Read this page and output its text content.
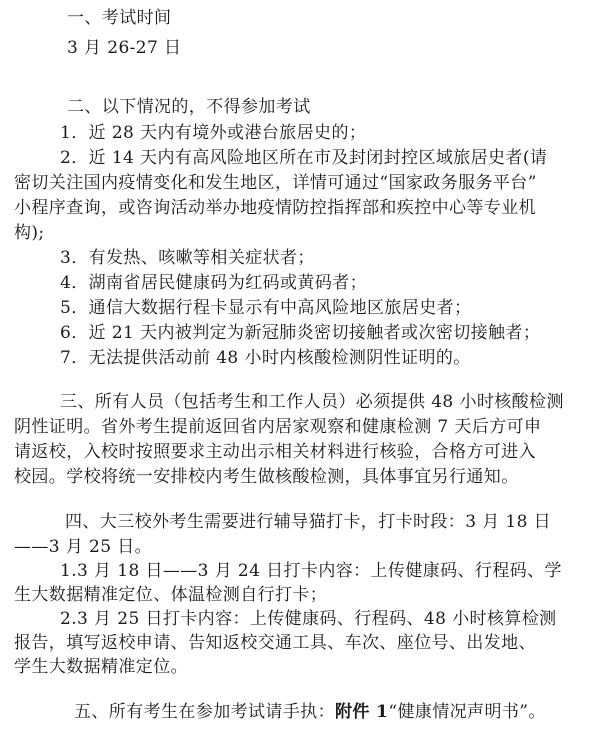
一、考试时间
3 月 26-27 日
二、以下情况的，不得参加考试
1．近 28 天内有境外或港台旅居史的；
2．近 14 天内有高风险地区所在市及封闭封控区域旅居史者(请
密切关注国内疫情变化和发生地区，详情可通过“国家政务服务平台”
小程序查询，或咨询活动举办地疫情防控指挥部和疾控中心等专业机
构);
3．有发热、咳嗽等相关症状者；
4．湖南省居民健康码为红码或黄码者；
5．通信大数据行程卡显示有中高风险地区旅居史者；
6．近 21 天内被判定为新冠肺炎密切接触者或次密切接触者；
7．无法提供活动前 48 小时内核酸检测阴性证明的。
三、所有人员（包括考生和工作人员）必须提供 48 小时核酸检测
阴性证明。省外考生提前返回省内居家观察和健康检测 7 天后方可申
请返校，入校时按照要求主动出示相关材料进行核验，合格方可进入
校园。学校将统一安排校内考生做核酸检测，具体事宜另行通知。
四、大三校外考生需要进行辅导猫打卡，打卡时段：3 月 18 日
——3 月 25 日。
1.3 月 18 日——3 月 24 日打卡内容：上传健康码、行程码、学
生大数据精准定位、体温检测自行打卡；
2.3 月 25 日打卡内容：上传健康码、行程码、48 小时核算检测
报告，填写返校申请、告知返校交通工具、车次、座位号、出发地、
学生大数据精准定位。
五、所有考生在参加考试请手执：附件 1“健康情况声明书”。
